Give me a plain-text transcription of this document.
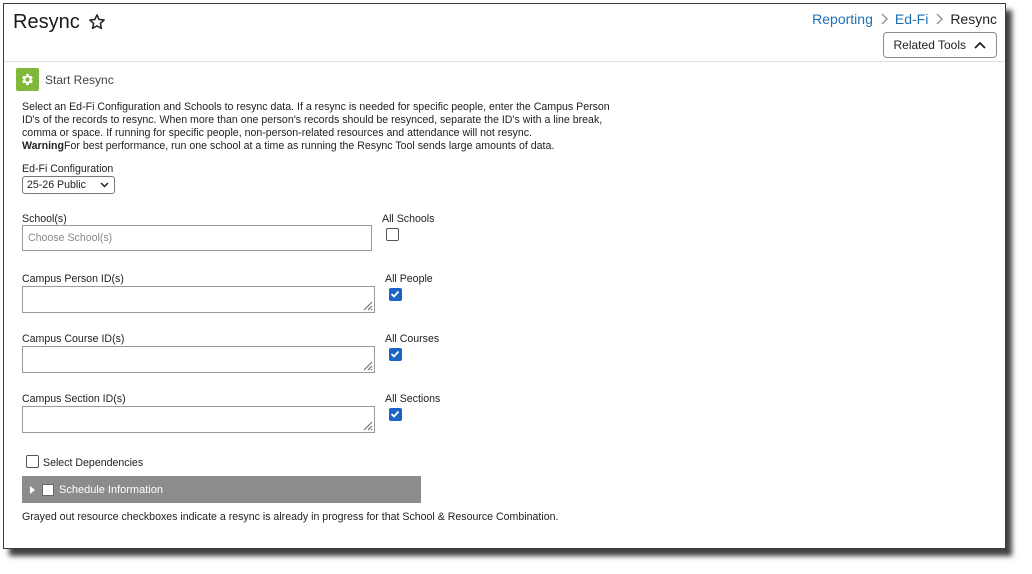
Resync	Reporting Ed-Fi Resync
Related Tools
Start Resync
Select an Ed-Fi Configuration and Schools to resync data. If a resync is needed for specific people, enter the Campus Person ID's of the records to resync. When more than one person's records should be resynced, separate the ID's with a line break, comma or space. If running for specific people, non-person-related resources and attendance will not resync.
WarningFor best performance, run one school at a time as running the Resync Tool sends large amounts of data.
Ed-Fi Configuration
25-26 Public
School(s)
Choose School(s)
All Schools
Campus Person ID(s)	All People
Campus Course ID(s)	All Courses
Campus Section ID(s)	All Sections
Select Dependencies
Schedule Information
Grayed out resource checkboxes indicate a resync is already in progress for that School & Resource Combination.
